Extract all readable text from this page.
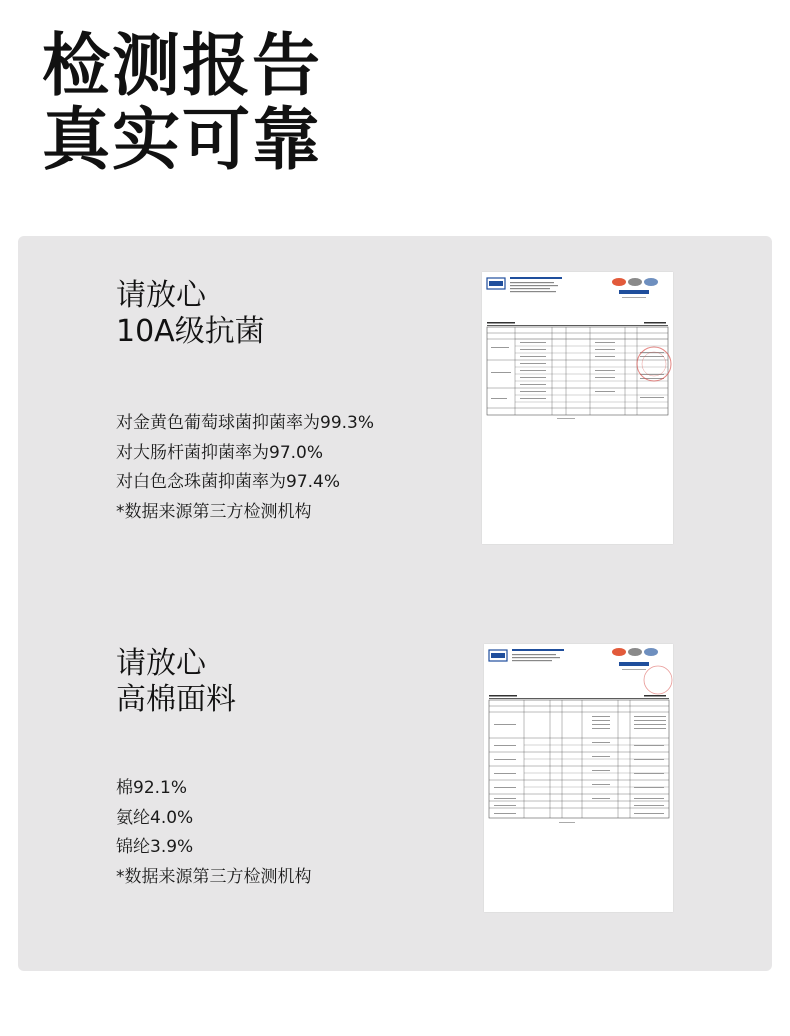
检测报告
真实可靠
请放心
10A级抗菌
对金黄色葡萄球菌抑菌率为99.3%
对大肠杆菌抑菌率为97.0%
对白色念珠菌抑菌率为97.4%
*数据来源第三方检测机构
请放心
高棉面料
棉92.1%
氨纶4.0%
锦纶3.9%
*数据来源第三方检测机构
